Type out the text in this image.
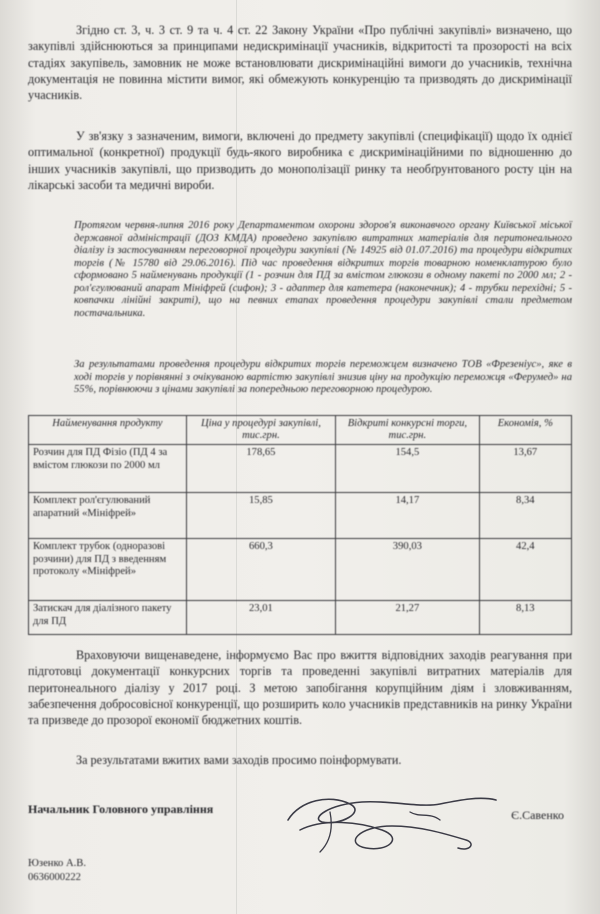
Згідно ст. 3, ч. 3 ст. 9 та ч. 4 ст. 22 Закону України «Про публічні закупівлі» визначено, що закупівлі здійснюються за принципами недискримінації учасників, відкритості та прозорості на всіх стадіях закупівель, замовник не може встановлювати дискримінаційні вимоги до учасників, технічна документація не повинна містити вимог, які обмежують конкуренцію та призводять до дискримінації учасників.
У зв'язку з зазначеним, вимоги, включені до предмету закупівлі (специфікації) щодо їх однієї оптимальної (конкретної) продукції будь-якого виробника є дискримінаційними по відношенню до інших учасників закупівлі, що призводить до монополізації ринку та необґрунтованого росту цін на лікарські засоби та медичні вироби.
Протягом червня-липня 2016 року Департаментом охорони здоров'я виконавчого органу Київської міської державної адміністрації (ДОЗ КМДА) проведено закупівлю витратних матеріалів для перитонеального діалізу із застосуванням переговорної процедури закупівлі (№ 14925 від 01.07.2016) та процедури відкритих торгів (№ 15780 від 29.06.2016). Під час проведення відкритих торгів товарною номенклатурою було сформовано 5 найменувань продукції (1 - розчин для ПД за вмістом глюкози в одному пакеті по 2000 мл; 2 - рол'єгулюваний апарат Мініфрей (сифон); 3 - адаптер для катетера (наконечник); 4 - трубки перехідні; 5 - ковпачки лінійні закриті), що на певних етапах проведення процедури закупівлі стали предметом постачальника.
За результатами проведення процедури відкритих торгів переможцем визначено ТОВ «Фрезеніус», яке в ході торгів у порівнянні з очікуваною вартістю закупівлі знизив ціну на продукцію переможця «Ферумед» на 55%, порівнюючи з цінами закупівлі за попередньою переговорною процедурою.
Найменування продукту	Ціна у процедурі закупівлі, тис.грн.	Відкриті конкурсні торги, тис.грн.	Економія, %
Розчин для ПД Фізіо (ПД 4 за вмістом глюкози по 2000 мл	178,65	154,5	13,67
Комплект рол'єгулюваний апаратний «Мініфрей»	15,85	14,17	8,34
Комплект трубок (одноразові розчини) для ПД з введенням протоколу «Мініфрей»	660,3	390,03	42,4
Затискач для діалізного пакету для ПД	23,01	21,27	8,13
Враховуючи вищенаведене, інформуємо Вас про вжиття відповідних заходів реагування при підготовці документації конкурсних торгів та проведенні закупівлі витратних матеріалів для перитонеального діалізу у 2017 році. З метою запобігання корупційним діям і зловживанням, забезпечення добросовісної конкуренції, що розширить коло учасників представників на ринку України та призведе до прозорої економії бюджетних коштів.
За результатами вжитих вами заходів просимо поінформувати.
Начальник Головного управління	Є.Савенко
Юзенко А.В.
0636000222
